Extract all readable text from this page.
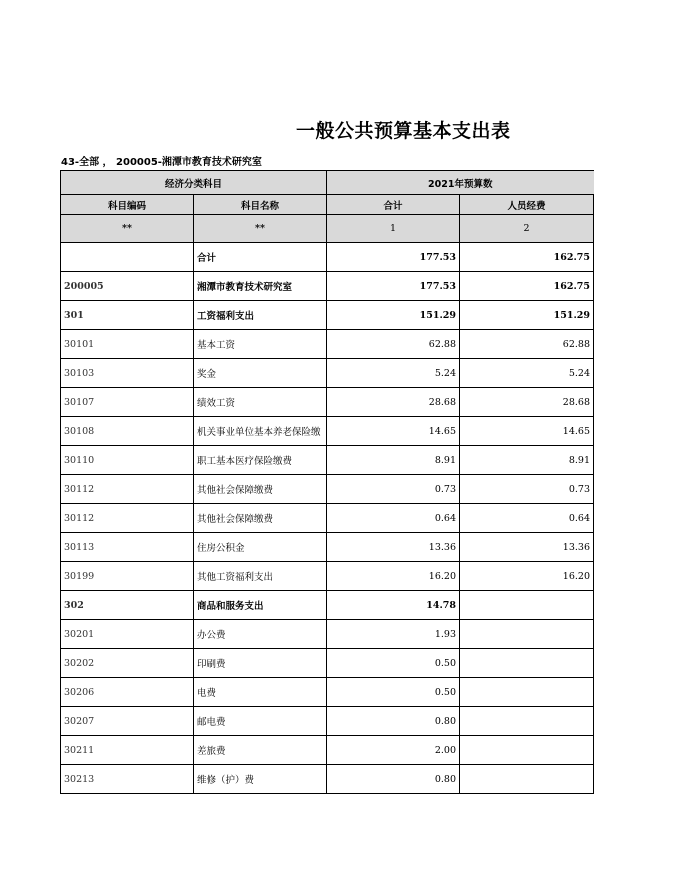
一般公共预算基本支出表
43-全部 ， 200005-湘潭市教育技术研究室
经济分类科目		2021年预算数	
科目编码	科目名称	合计	人员经费
**	**	1	2
	合计	177.53	162.75
200005	湘潭市教育技术研究室	177.53	162.75
301	工资福利支出	151.29	151.29
30101	基本工资	62.88	62.88
30103	奖金	5.24	5.24
30107	绩效工资	28.68	28.68
30108	机关事业单位基本养老保险缴	14.65	14.65
30110	职工基本医疗保险缴费	8.91	8.91
30112	其他社会保障缴费	0.73	0.73
30112	其他社会保障缴费	0.64	0.64
30113	住房公积金	13.36	13.36
30199	其他工资福利支出	16.20	16.20
302	商品和服务支出	14.78	
30201	办公费	1.93	
30202	印刷费	0.50	
30206	电费	0.50	
30207	邮电费	0.80	
30211	差旅费	2.00	
30213	维修（护）费	0.80	
